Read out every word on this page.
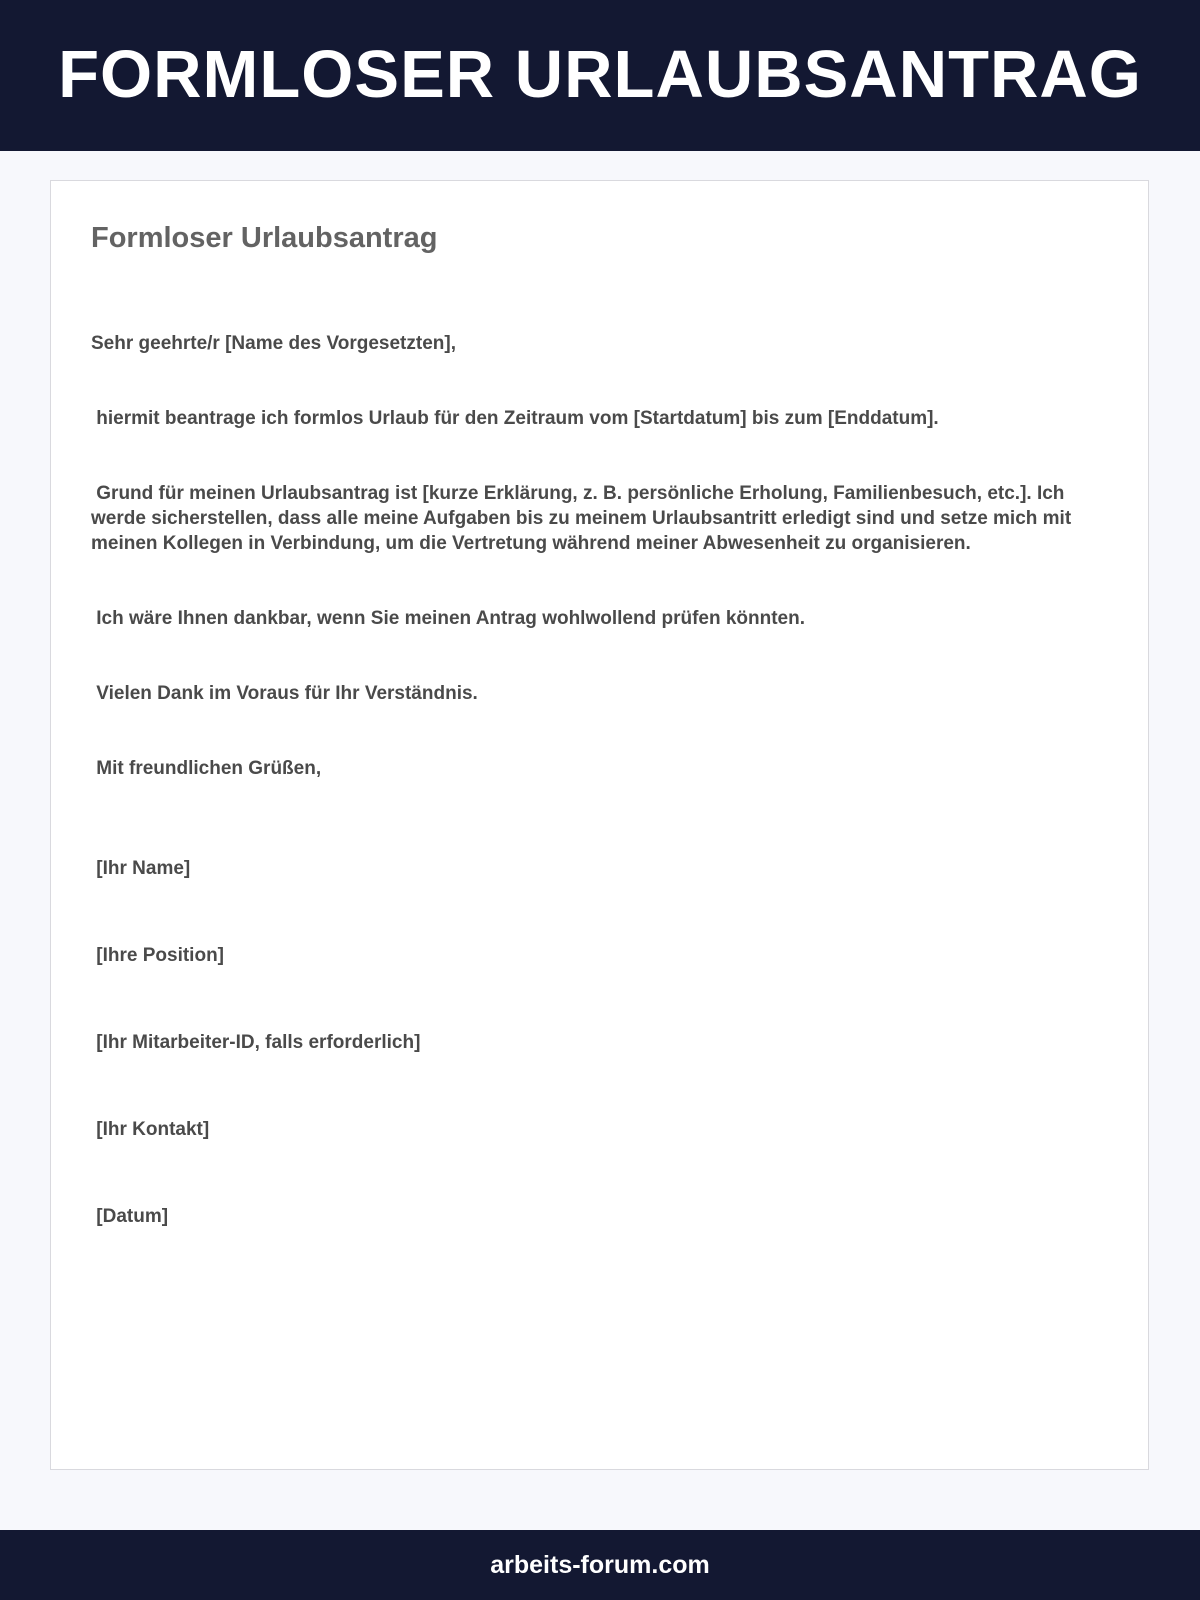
FORMLOSER URLAUBSANTRAG
Formloser Urlaubsantrag

Sehr geehrte/r [Name des Vorgesetzten],

hiermit beantrage ich formlos Urlaub für den Zeitraum vom [Startdatum] bis zum [Enddatum].

Grund für meinen Urlaubsantrag ist [kurze Erklärung, z. B. persönliche Erholung, Familienbesuch, etc.]. Ich werde sicherstellen, dass alle meine Aufgaben bis zu meinem Urlaubsantritt erledigt sind und setze mich mit meinen Kollegen in Verbindung, um die Vertretung während meiner Abwesenheit zu organisieren.

Ich wäre Ihnen dankbar, wenn Sie meinen Antrag wohlwollend prüfen könnten.

Vielen Dank im Voraus für Ihr Verständnis.

Mit freundlichen Grüßen,

[Ihr Name]

[Ihre Position]

[Ihr Mitarbeiter-ID, falls erforderlich]

[Ihr Kontakt]

[Datum]

arbeits-forum.com
